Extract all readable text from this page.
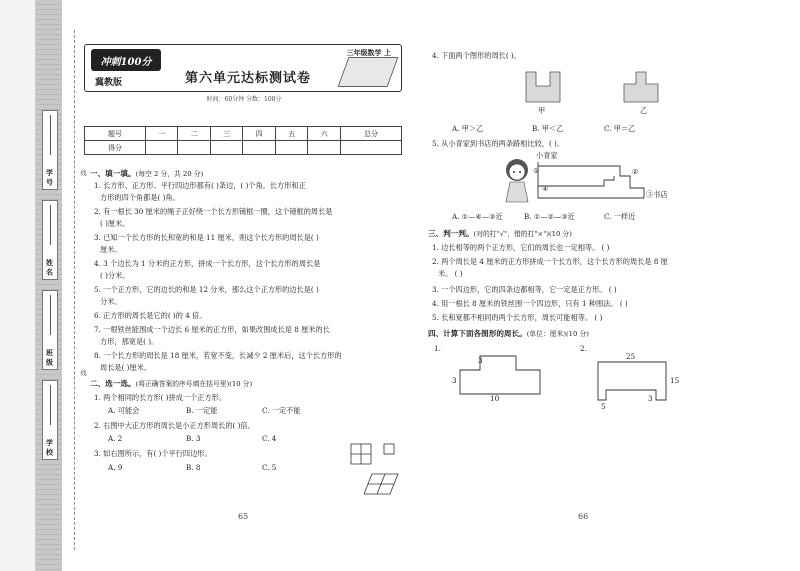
学 号
姓 名
班 级
学 校
线
线
冲刺100分
冀教版	第六单元达标测试卷
三年级数学 上
时间：60分钟 分数：100分
题号	一	二	三	四	五	六	总分
得分							
一、填一填。(每空 2 分，共 20 分)
1. 长方形、正方形、平行四边形都有( )条边，( )个角。长方形和正
方形的四个角都是( )角。
2. 有一根长 30 厘米的绳子正好绕一个长方形镜框一圈，这个镜框的周长是
( )厘米。
3. 已知一个长方形的长和宽的和是 11 厘米，则这个长方形的周长是( )
厘米。
4. 3 个边长为 1 分米的正方形，拼成一个长方形，这个长方形的周长是
( )分米。
5. 一个正方形，它的边长的和是 12 分米，那么这个正方形的边长是( )
分米。
6. 正方形的周长是它的( )的 4 倍。
7. 一根铁丝能围成一个边长 6 厘米的正方形，如果改围成长是 8 厘米的长
方形，那宽是( )。
8. 一个长方形的周长是 18 厘米，若宽不变，长减少 2 厘米后，这个长方形的
周长是( )厘米。
二、选一选。(将正确答案的序号填在括号里)(10 分)
1. 两个相同的长方形( )拼成一个正方形。
A. 可能会	B. 一定能	C. 一定不能
2. 右图中大正方形的周长是小正方形周长的( )倍。
A. 2	B. 3	C. 4
3. 如右图所示，有( )个平行四边形。
A. 9	B. 8	C. 5
65
4. 下面两个图形的周长( )。
甲	乙
A. 甲＞乙	B. 甲＜乙	C. 甲＝乙
5. 从小青家到书店的两条路相比较，( )。
小青家
①	②
④
③书店
A. ①—④—③近	B. ①—②—③近	C. 一样近
三、判一判。(对的打"√"，错的打"×")(10 分)
1. 边长相等的两个正方形，它们的周长也一定相等。 ( )
2. 两个周长是 4 厘米的正方形拼成一个长方形，这个长方形的周长是 8 厘
米。 ( )
3. 一个四边形，它的四条边都相等，它一定是正方形。 ( )
4. 用一根长 8 厘米的铁丝围一个四边形，只有 1 种围法。 ( )
5. 长和宽都不相同的两个长方形，周长可能相等。 ( )
四、计算下面各图形的周长。(单位：厘米)(10 分)
1.
3
3
10
2.
25
15
5
3
66
